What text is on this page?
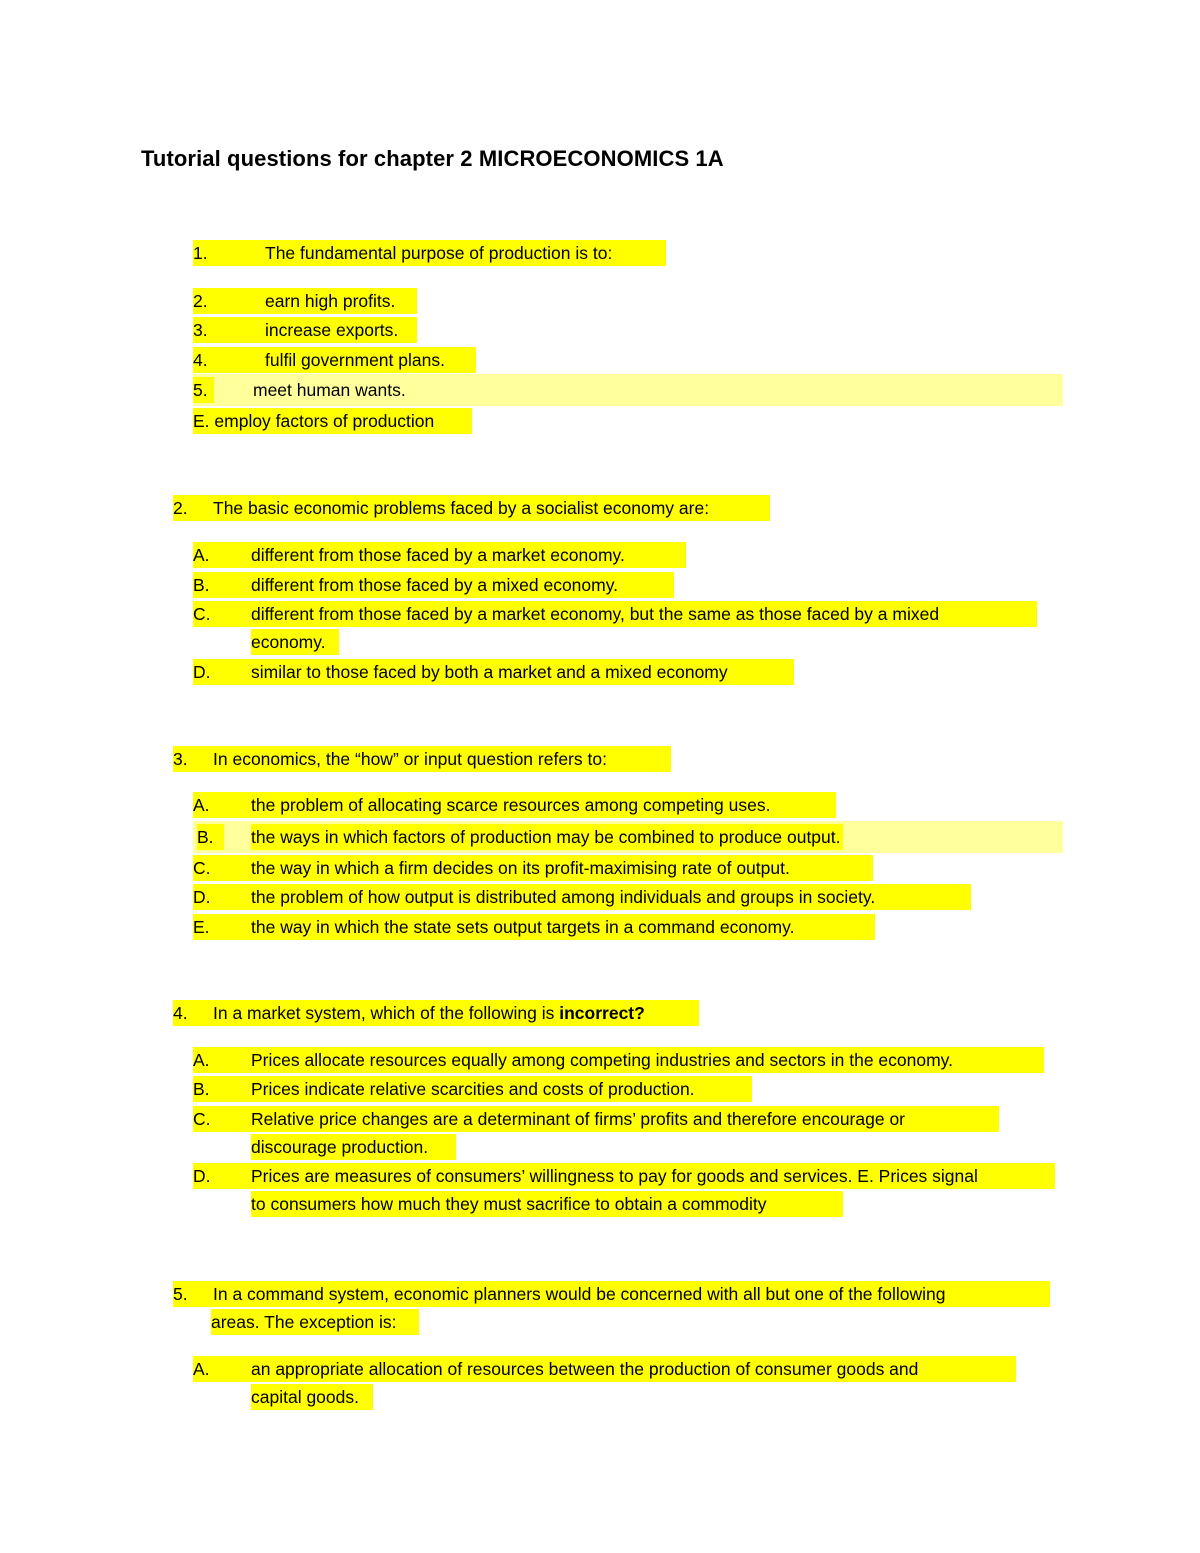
Tutorial questions for chapter 2 MICROECONOMICS 1A
1.	The fundamental purpose of production is to:
2.	earn high profits.
3.	increase exports.
4.	fulfil government plans.
5.	meet human wants.
E. employ factors of production
2. The basic economic problems faced by a socialist economy are:
A. different from those faced by a market economy.
B. different from those faced by a mixed economy.
C. different from those faced by a market economy, but the same as those faced by a mixed
economy.
D. similar to those faced by both a market and a mixed economy
3. In economics, the “how” or input question refers to:
A. the problem of allocating scarce resources among competing uses.
B.	the ways in which factors of production may be combined to produce output.
C. the way in which a firm decides on its profit-maximising rate of output.
D. the problem of how output is distributed among individuals and groups in society.
E. the way in which the state sets output targets in a command economy.
4. In a market system, which of the following is incorrect?
A. Prices allocate resources equally among competing industries and sectors in the economy.
B. Prices indicate relative scarcities and costs of production.
C. Relative price changes are a determinant of firms’ profits and therefore encourage or
discourage production.
D. Prices are measures of consumers’ willingness to pay for goods and services. E. Prices signal
to consumers how much they must sacrifice to obtain a commodity
5. In a command system, economic planners would be concerned with all but one of the following
areas. The exception is:
A. an appropriate allocation of resources between the production of consumer goods and
capital goods.
